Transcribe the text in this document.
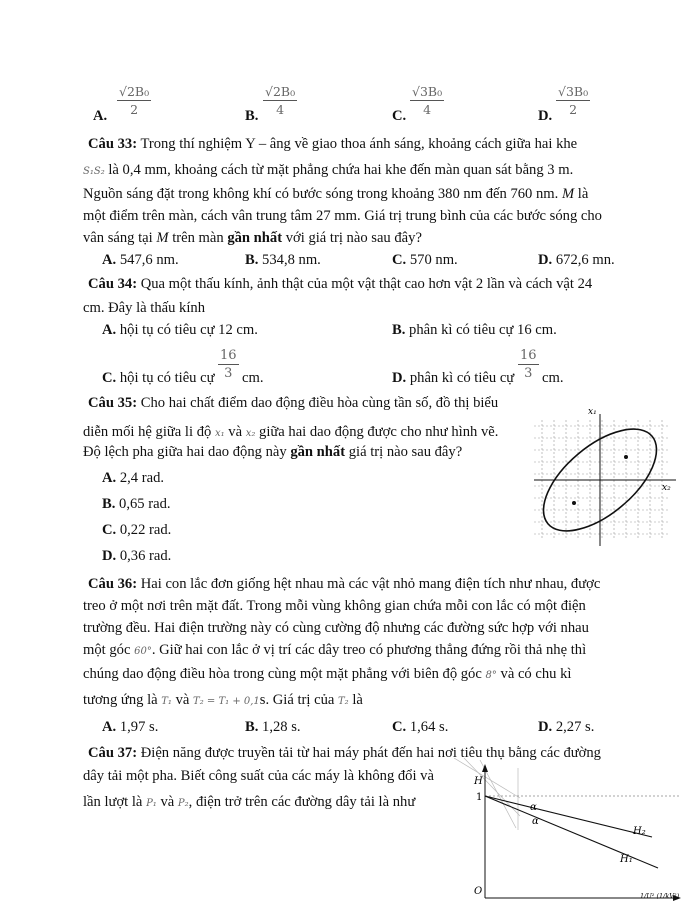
A. $\frac{\text{√2B₀}}{2}$	B. $\frac{\text{√2B₀}}{4}$	C. $\frac{\text{√3B₀}}{4}$	D. $\frac{\text{√3B₀}}{2}$
Câu 33: Trong thí nghiệm Y – âng về giao thoa ánh sáng, khoảng cách giữa hai khe
S₁S₂ là 0,4 mm, khoảng cách từ mặt phẳng chứa hai khe đến màn quan sát bằng 3 m.
Nguồn sáng đặt trong không khí có bước sóng trong khoảng 380 nm đến 760 nm. M là
một điểm trên màn, cách vân trung tâm 27 mm. Giá trị trung bình của các bước sóng cho
vân sáng tại M trên màn gần nhất với giá trị nào sau đây?
A. 547,6 nm.	B. 534,8 nm.	C. 570 nm.	D. 672,6 mn.
Câu 34: Qua một thấu kính, ảnh thật của một vật thật cao hơn vật 2 lần và cách vật 24
cm. Đây là thấu kính
A. hội tụ có tiêu cự 12 cm.	B. phân kì có tiêu cự 16 cm.
C. hội tụ có tiêu cự $\frac{16}{3}$ cm.	D. phân kì có tiêu cự $\frac{16}{3}$ cm.
Câu 35: Cho hai chất điểm dao động điều hòa cùng tần số, đồ thị biểu
diễn mối hệ giữa li độ x₁ và x₂ giữa hai dao động được cho như hình vẽ.
Độ lệch pha giữa hai dao động này gần nhất giá trị nào sau đây?
A. 2,4 rad.
B. 0,65 rad.
C. 0,22 rad.
D. 0,36 rad.
x₁
x₂
Câu 36: Hai con lắc đơn giống hệt nhau mà các vật nhỏ mang điện tích như nhau, được
treo ở một nơi trên mặt đất. Trong mỗi vùng không gian chứa mỗi con lắc có một điện
trường đều. Hai điện trường này có cùng cường độ nhưng các đường sức hợp với nhau
một góc 60°. Giữ hai con lắc ở vị trí các dây treo có phương thẳng đứng rồi thả nhẹ thì
chúng dao động điều hòa trong cùng một mặt phẳng với biên độ góc 8° và có chu kì
tương ứng là T₁ và T₂ = T₁ + 0,1s. Giá trị của T₂ là
A. 1,97 s.	B. 1,28 s.	C. 1,64 s.	D. 2,27 s.
Câu 37: Điện năng được truyền tải từ hai máy phát đến hai nơi tiêu thụ bằng các đường
dây tải một pha. Biết công suất của các máy là không đổi và
lần lượt là P₁ và P₂, điện trở trên các đường dây tải là như
H
1
α
α
H₂
H₁
O	1/U² (1/kV²)
